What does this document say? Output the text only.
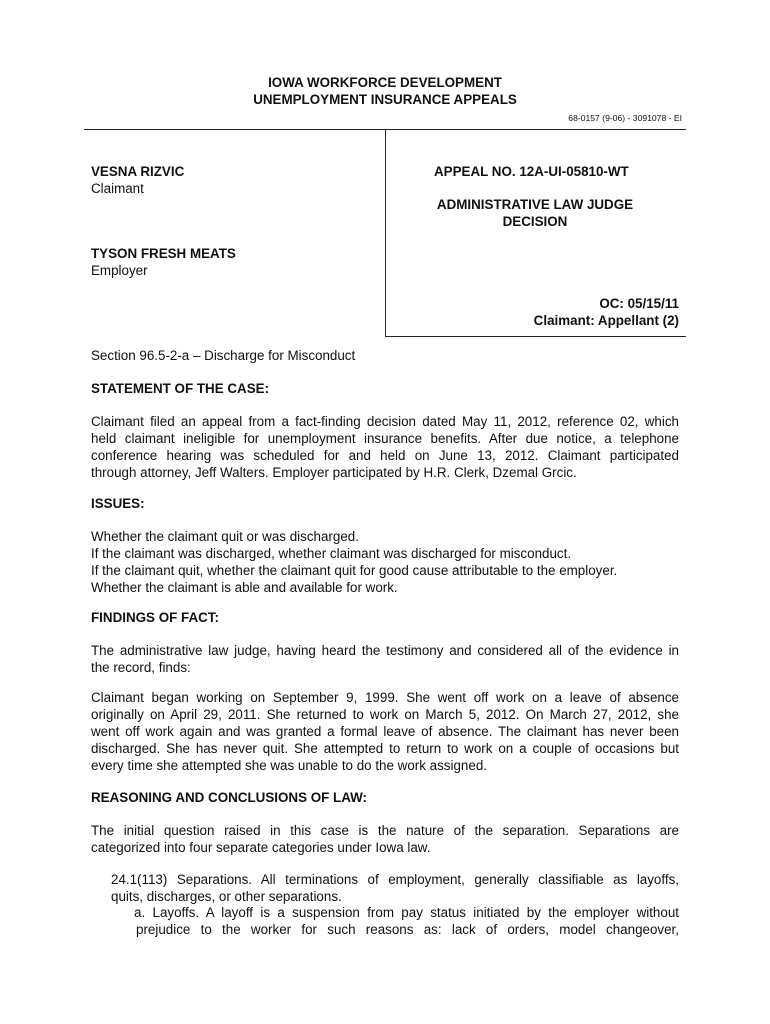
IOWA WORKFORCE DEVELOPMENT
UNEMPLOYMENT INSURANCE APPEALS
68-0157 (9-06) - 3091078 - EI
VESNA RIZVIC
Claimant
TYSON FRESH MEATS
Employer
APPEAL NO. 12A-UI-05810-WT
ADMINISTRATIVE LAW JUDGE
DECISION
OC: 05/15/11
Claimant: Appellant (2)
Section 96.5-2-a – Discharge for Misconduct
STATEMENT OF THE CASE:
Claimant filed an appeal from a fact-finding decision dated May 11, 2012, reference 02, which
held claimant ineligible for unemployment insurance benefits. After due notice, a telephone
conference hearing was scheduled for and held on June 13, 2012. Claimant participated
through attorney, Jeff Walters. Employer participated by H.R. Clerk, Dzemal Grcic.
ISSUES:
Whether the claimant quit or was discharged.
If the claimant was discharged, whether claimant was discharged for misconduct.
If the claimant quit, whether the claimant quit for good cause attributable to the employer.
Whether the claimant is able and available for work.
FINDINGS OF FACT:
The administrative law judge, having heard the testimony and considered all of the evidence in
the record, finds:
Claimant began working on September 9, 1999. She went off work on a leave of absence
originally on April 29, 2011. She returned to work on March 5, 2012. On March 27, 2012, she
went off work again and was granted a formal leave of absence. The claimant has never been
discharged. She has never quit. She attempted to return to work on a couple of occasions but
every time she attempted she was unable to do the work assigned.
REASONING AND CONCLUSIONS OF LAW:
The initial question raised in this case is the nature of the separation. Separations are
categorized into four separate categories under Iowa law.
24.1(113) Separations. All terminations of employment, generally classifiable as layoffs,
quits, discharges, or other separations.
a. Layoffs. A layoff is a suspension from pay status initiated by the employer without
prejudice to the worker for such reasons as: lack of orders, model changeover,
